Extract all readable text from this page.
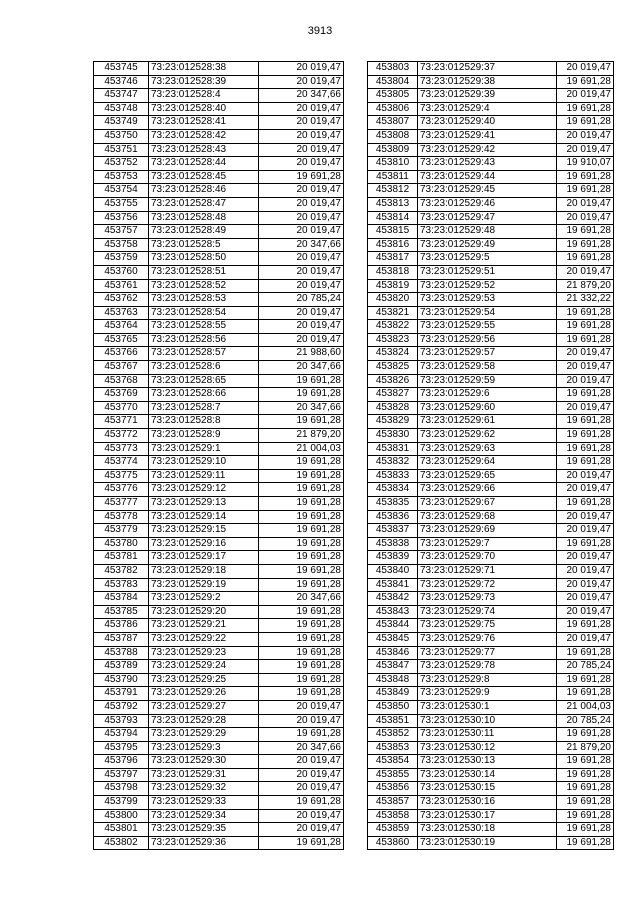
3913
453745	73:23:012528:38	20 019,47
453746	73:23:012528:39	20 019,47
453747	73:23:012528:4	20 347,66
453748	73:23:012528:40	20 019,47
453749	73:23:012528:41	20 019,47
453750	73:23:012528:42	20 019,47
453751	73:23:012528:43	20 019,47
453752	73:23:012528:44	20 019,47
453753	73:23:012528:45	19 691,28
453754	73:23:012528:46	20 019,47
453755	73:23:012528:47	20 019,47
453756	73:23:012528:48	20 019,47
453757	73:23:012528:49	20 019,47
453758	73:23:012528:5	20 347,66
453759	73:23:012528:50	20 019,47
453760	73:23:012528:51	20 019,47
453761	73:23:012528:52	20 019,47
453762	73:23:012528:53	20 785,24
453763	73:23:012528:54	20 019,47
453764	73:23:012528:55	20 019,47
453765	73:23:012528:56	20 019,47
453766	73:23:012528:57	21 988,60
453767	73:23:012528:6	20 347,66
453768	73:23:012528:65	19 691,28
453769	73:23:012528:66	19 691,28
453770	73:23:012528:7	20 347,66
453771	73:23:012528:8	19 691,28
453772	73:23:012528:9	21 879,20
453773	73:23:012529:1	21 004,03
453774	73:23:012529:10	19 691,28
453775	73:23:012529:11	19 691,28
453776	73:23:012529:12	19 691,28
453777	73:23:012529:13	19 691,28
453778	73:23:012529:14	19 691,28
453779	73:23:012529:15	19 691,28
453780	73:23:012529:16	19 691,28
453781	73:23:012529:17	19 691,28
453782	73:23:012529:18	19 691,28
453783	73:23:012529:19	19 691,28
453784	73:23:012529:2	20 347,66
453785	73:23:012529:20	19 691,28
453786	73:23:012529:21	19 691,28
453787	73:23:012529:22	19 691,28
453788	73:23:012529:23	19 691,28
453789	73:23:012529:24	19 691,28
453790	73:23:012529:25	19 691,28
453791	73:23:012529:26	19 691,28
453792	73:23:012529:27	20 019,47
453793	73:23:012529:28	20 019,47
453794	73:23:012529:29	19 691,28
453795	73:23:012529:3	20 347,66
453796	73:23:012529:30	20 019,47
453797	73:23:012529:31	20 019,47
453798	73:23:012529:32	20 019,47
453799	73:23:012529:33	19 691,28
453800	73:23:012529:34	20 019,47
453801	73:23:012529:35	20 019,47
453802	73:23:012529:36	19 691,28
453803	73:23:012529:37	20 019,47
453804	73:23:012529:38	19 691,28
453805	73:23:012529:39	20 019,47
453806	73:23:012529:4	19 691,28
453807	73:23:012529:40	19 691,28
453808	73:23:012529:41	20 019,47
453809	73:23:012529:42	20 019,47
453810	73:23:012529:43	19 910,07
453811	73:23:012529:44	19 691,28
453812	73:23:012529:45	19 691,28
453813	73:23:012529:46	20 019,47
453814	73:23:012529:47	20 019,47
453815	73:23:012529:48	19 691,28
453816	73:23:012529:49	19 691,28
453817	73:23:012529:5	19 691,28
453818	73:23:012529:51	20 019,47
453819	73:23:012529:52	21 879,20
453820	73:23:012529:53	21 332,22
453821	73:23:012529:54	19 691,28
453822	73:23:012529:55	19 691,28
453823	73:23:012529:56	19 691,28
453824	73:23:012529:57	20 019,47
453825	73:23:012529:58	20 019,47
453826	73:23:012529:59	20 019,47
453827	73:23:012529:6	19 691,28
453828	73:23:012529:60	20 019,47
453829	73:23:012529:61	19 691,28
453830	73:23:012529:62	19 691,28
453831	73:23:012529:63	19 691,28
453832	73:23:012529:64	19 691,28
453833	73:23:012529:65	20 019,47
453834	73:23:012529:66	20 019,47
453835	73:23:012529:67	19 691,28
453836	73:23:012529:68	20 019,47
453837	73:23:012529:69	20 019,47
453838	73:23:012529:7	19 691,28
453839	73:23:012529:70	20 019,47
453840	73:23:012529:71	20 019,47
453841	73:23:012529:72	20 019,47
453842	73:23:012529:73	20 019,47
453843	73:23:012529:74	20 019,47
453844	73:23:012529:75	19 691,28
453845	73:23:012529:76	20 019,47
453846	73:23:012529:77	19 691,28
453847	73:23:012529:78	20 785,24
453848	73:23:012529:8	19 691,28
453849	73:23:012529:9	19 691,28
453850	73:23:012530:1	21 004,03
453851	73:23:012530:10	20 785,24
453852	73:23:012530:11	19 691,28
453853	73:23:012530:12	21 879,20
453854	73:23:012530:13	19 691,28
453855	73:23:012530:14	19 691,28
453856	73:23:012530:15	19 691,28
453857	73:23:012530:16	19 691,28
453858	73:23:012530:17	19 691,28
453859	73:23:012530:18	19 691,28
453860	73:23:012530:19	19 691,28
